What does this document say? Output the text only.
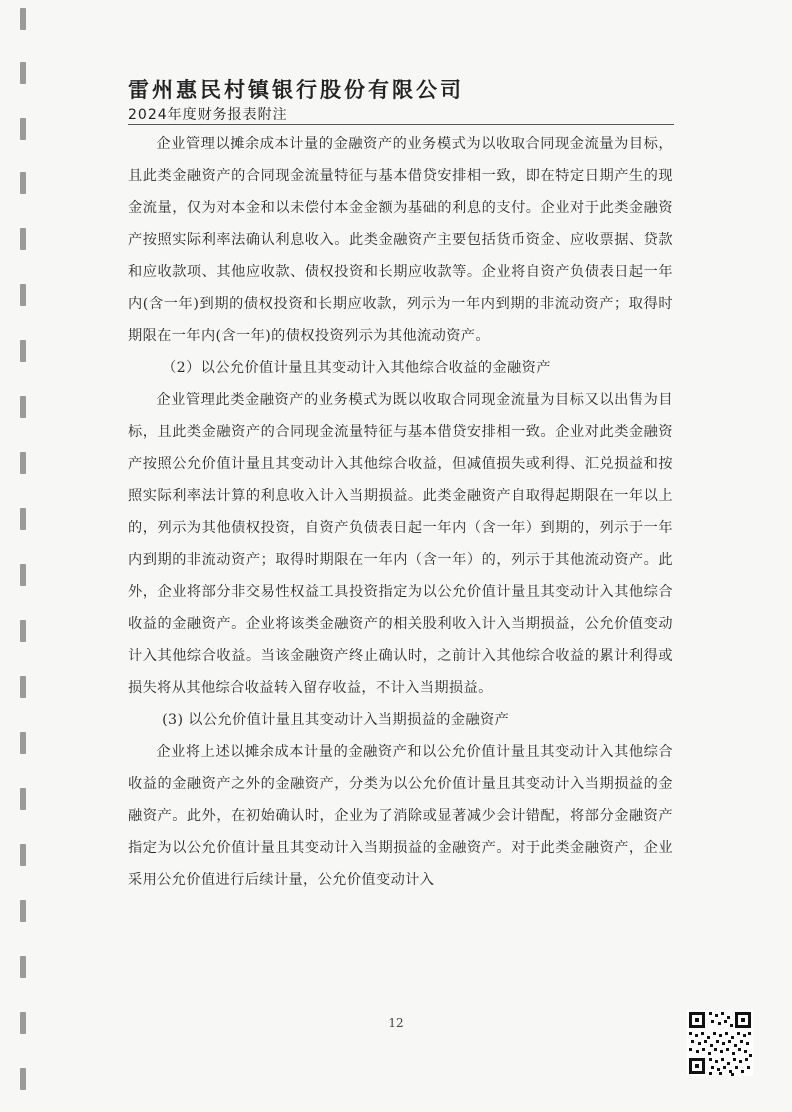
雷州惠民村镇银行股份有限公司
2024年度财务报表附注

企业管理以摊余成本计量的金融资产的业务模式为以收取合同现金流量为目标，且此类金融资产的合同现金流量特征与基本借贷安排相一致，即在特定日期产生的现金流量，仅为对本金和以未偿付本金金额为基础的利息的支付。企业对于此类金融资产按照实际利率法确认利息收入。此类金融资产主要包括货币资金、应收票据、贷款和应收款项、其他应收款、债权投资和长期应收款等。企业将自资产负债表日起一年内(含一年)到期的债权投资和长期应收款，列示为一年内到期的非流动资产；取得时期限在一年内(含一年)的债权投资列示为其他流动资产。

（2）以公允价值计量且其变动计入其他综合收益的金融资产

企业管理此类金融资产的业务模式为既以收取合同现金流量为目标又以出售为目标，且此类金融资产的合同现金流量特征与基本借贷安排相一致。企业对此类金融资产按照公允价值计量且其变动计入其他综合收益，但减值损失或利得、汇兑损益和按照实际利率法计算的利息收入计入当期损益。此类金融资产自取得起期限在一年以上的，列示为其他债权投资，自资产负债表日起一年内（含一年）到期的，列示于一年内到期的非流动资产；取得时期限在一年内（含一年）的，列示于其他流动资产。此外，企业将部分非交易性权益工具投资指定为以公允价值计量且其变动计入其他综合收益的金融资产。企业将该类金融资产的相关股利收入计入当期损益，公允价值变动计入其他综合收益。当该金融资产终止确认时，之前计入其他综合收益的累计利得或损失将从其他综合收益转入留存收益，不计入当期损益。

(3) 以公允价值计量且其变动计入当期损益的金融资产

企业将上述以摊余成本计量的金融资产和以公允价值计量且其变动计入其他综合收益的金融资产之外的金融资产，分类为以公允价值计量且其变动计入当期损益的金融资产。此外，在初始确认时，企业为了消除或显著减少会计错配，将部分金融资产指定为以公允价值计量且其变动计入当期损益的金融资产。对于此类金融资产，企业采用公允价值进行后续计量，公允价值变动计入

12
